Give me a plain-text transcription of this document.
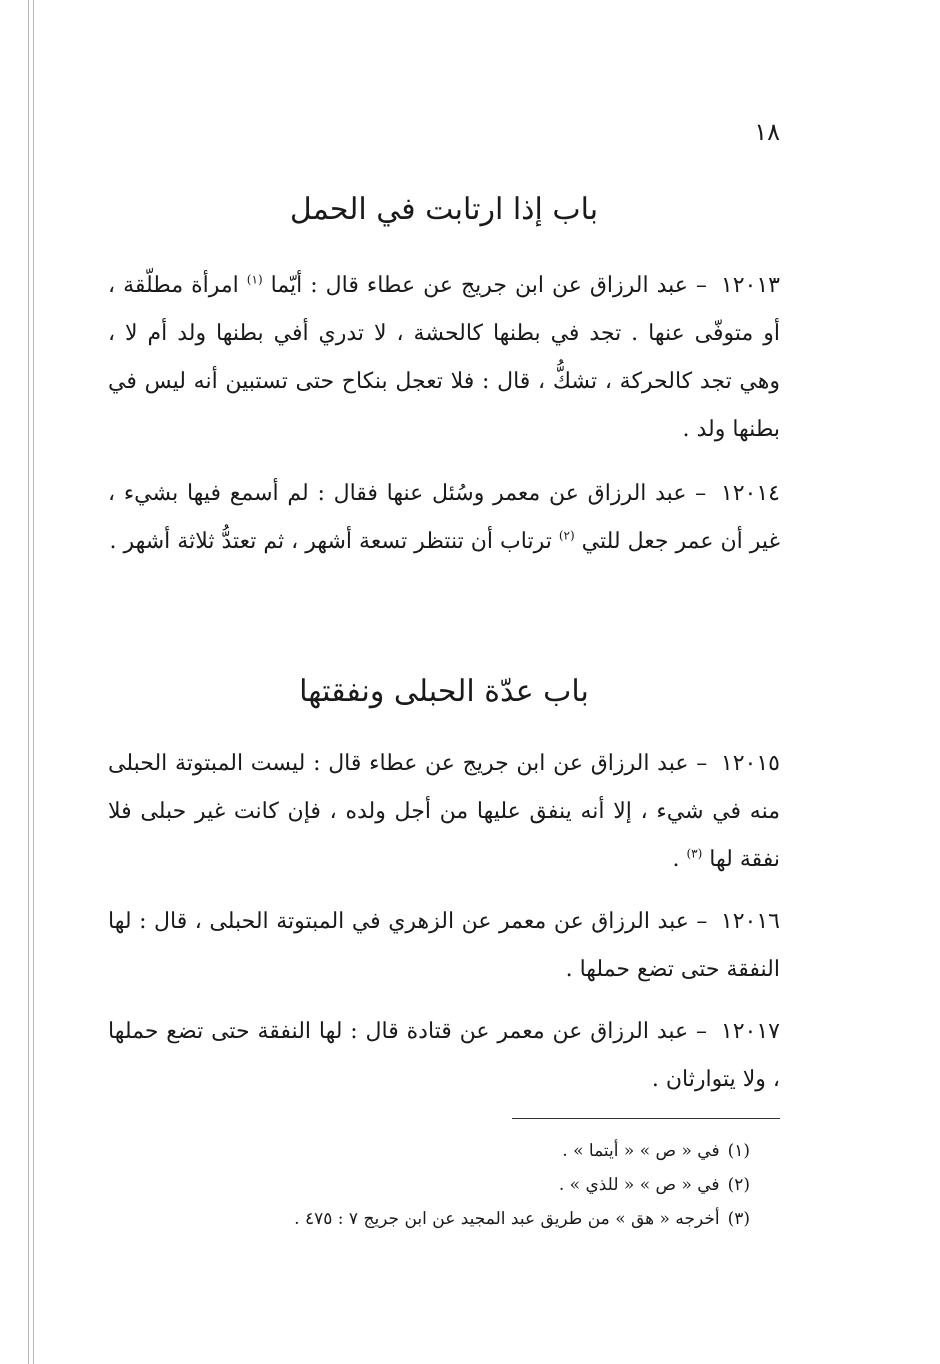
١٨
باب إذا ارتابت في الحمل
١٢٠١٣ – عبد الرزاق عن ابن جريج عن عطاء قال : أيّما $^{(١)}$ امرأة مطلّقة ، أو متوفّى عنها . تجد في بطنها كالحشة ، لا تدري أفي بطنها ولد أم لا ، وهي تجد كالحركة ، تشكُّ ، قال : فلا تعجل بنكاح حتى تستبين أنه ليس في بطنها ولد .
١٢٠١٤ – عبد الرزاق عن معمر وسُئل عنها فقال : لم أسمع فيها بشيء ، غير أن عمر جعل للتي $^{(٢)}$ ترتاب أن تنتظر تسعة أشهر ، ثم تعتدُّ ثلاثة أشهر .
باب عدّة الحبلى ونفقتها
١٢٠١٥ – عبد الرزاق عن ابن جريج عن عطاء قال : ليست المبتوتة الحبلى منه في شيء ، إلا أنه ينفق عليها من أجل ولده ، فإن كانت غير حبلى فلا نفقة لها $^{(٣)}$ .
١٢٠١٦ – عبد الرزاق عن معمر عن الزهري في المبتوتة الحبلى ، قال : لها النفقة حتى تضع حملها .
١٢٠١٧ – عبد الرزاق عن معمر عن قتادة قال : لها النفقة حتى تضع حملها ، ولا يتوارثان .
(١)في « ص » « أيتما » .
(٢)في « ص » « للذي » .
(٣)أخرجه « هق » من طريق عبد المجيد عن ابن جريج ٧ : ٤٧٥ .
